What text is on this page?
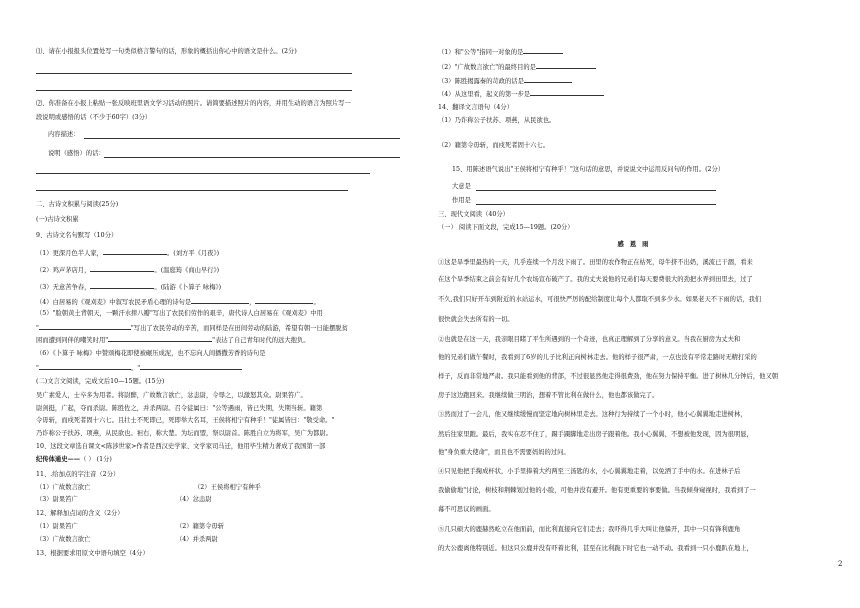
⑴、请在小报报头位置处写一句类似格言警句的话，形象的概括出你心中的语文是什么。(2分)
⑵、你准备在小报上粘贴一张反映班里语文学习活动的照片。请简要描述照片的内容，并用生动的语言为照片写一
段说明或感悟的话（不少于60字）(3分）
内容描述：
说明（感悟）的话：
二、古诗文积累与阅读(25分)
(一)古诗文积累
9、古诗文名句默写（10分）
（1）更深月色半人家，	。(刘方平《月夜》)
（2）鸡声茅店月，	。(温庭筠《商山早行》)
（3）无意苦争春，	。(陆游《卜算子 咏梅》)
（4）白居易的《观刈麦》中叙写农民矛盾心理的诗句是	，	。
（5）"脸朝黄土背朝天，一颗汗水摔八瓣"写出了农民们劳作的艰辛，唐代诗人白居易在《观刈麦》中用
"	"写出了农民劳动的辛苦，而同样是在田间劳动的陆游，希望有朝一日能摆脱贫
困而遭到同伴的嘲笑时用"	"表达了自己青年时代的远大抱负。
（6）《卜算子 咏梅》中赞颂梅花即使被碾压成泥，也不忘向人间播撒芳香的诗句是
"	。"
(二)文言文阅读，完成文后10—15题。(15分)
吴广素爱人，士卒多为用者。将尉醉，广故数言欲亡，忿恚尉，令辱之，以激怒其众。尉果笞广。
尉剑挺，广起，夺而杀尉。陈胜佐之，并杀两尉。召令徒属曰："公等遇雨，皆已失期，失期当斩。籍第
令毋斩，而戍死者固十六七。且壮士不死即已，死即举大名耳，王侯将相宁有种乎！"徒属皆曰："敬受命。"
乃诈称公子扶苏、项燕，从民欲也。袒右，称大楚。为坛而盟，祭以尉首。陈胜自立为将军，吴广为都尉。
10、这段文章选自课文<陈涉世家>作者是西汉史学家、文学家司马迁，他用毕生精力著成了我国第一部
纪传体通史——（ ） (1分)
11、.给加点的字注音（2分）
（1）广故数言欲亡	（2）王侯将相宁有种乎
（3）尉果笞广	（4）忿恚尉
12、解释加点词的含义（2分）
（1）尉果笞广	（2）籍第令毋斩
（3）广故数言欲亡	（4）并杀两尉
13、根据要求用原文中语句填空（4分）
（1）和"公等"指同一对象的是
（2）"广故数言欲亡"的最终目的是
（3）陈胜揭露秦的苛政的话是
（4）从这里看，起义的第一步是
14、翻译文言语句（4分）
（1）乃诈称公子扶苏、项燕，从民欲也。
（2）籍第令毋斩，而戍死者固十六七。
15、用陈述语气说出"王侯将相宁有种乎！"这句话的意思，并说说文中运用反问句的作用。(2分）
大意是
作用是
三、现代文阅读（40分）
（一） 阅读下面文段，完成15—19题。(20分）
感恩雨
①这是旱季里最热的一天，几乎连续一个月没下雨了。田里的农作物正在枯死，母牛挤不出奶，溪流已干涸，看来
在这个旱季结束之前会有好几个农场宣布破产了。我的丈夫说他的兄弟们每天要费很大的劲把水弄到田里去，过了
不久,我们只好开车到附近的水站运水，可很快严厉的配给制度让每个人都取不到多少水。如果老天不下雨的话，我们
很快就会失去所有的一切。
②也就是在这一天，我亲眼目睹了平生所遇到的一个奇迹，也真正理解到了分享的意义。当我在厨房为丈夫和
他的兄弟们做午餐时，我看到了6岁的儿子比利正向树林走去。他的样子很严肃，一点也没有平常走路时无精打采的
样子，反而非常地严肃。我只能看到他的背部，不过很显然他走得很费劲，他在努力保持平衡。进了树林几分钟后，他又朝
房子这边跑回来。我继续做三明治，想着不管比利在做什么，他也都该做完了。
③然而过了一会儿，他又继续缓慢而坚定地向树林里走去。这种行为持续了一个小时，他小心翼翼地走进树林，
然后往家里跑。最后，我实在忍不住了，蹑手蹑脚地走出房子跟着他。我小心翼翼，不想被他发现，因为很明显，
他"身负重大使命"，而且也不需要妈妈的过问。
④只见他把手掬成杯状，小手里捧着大约两至三汤匙的水，小心翼翼地走着，以免洒了手中的水。在进林子后
我偷偷地"讨论，树枝和荆棘划过他的小脸，可他并没有避开。他有更重要的事要做。当我倾身窥视时，我看到了一
幕不可思议的画面。
⑤几只硕大的鹿赫然屹立在他面前，而比利直接向它们走去；我吓得几乎大叫让他躲开，其中一只有锋利鹿角
的大公鹿离他特别近。但这只公鹿并没有吓着比利，甚至在比利跪下时它也一动不动。我看到一只小鹿趴在地上，
2
